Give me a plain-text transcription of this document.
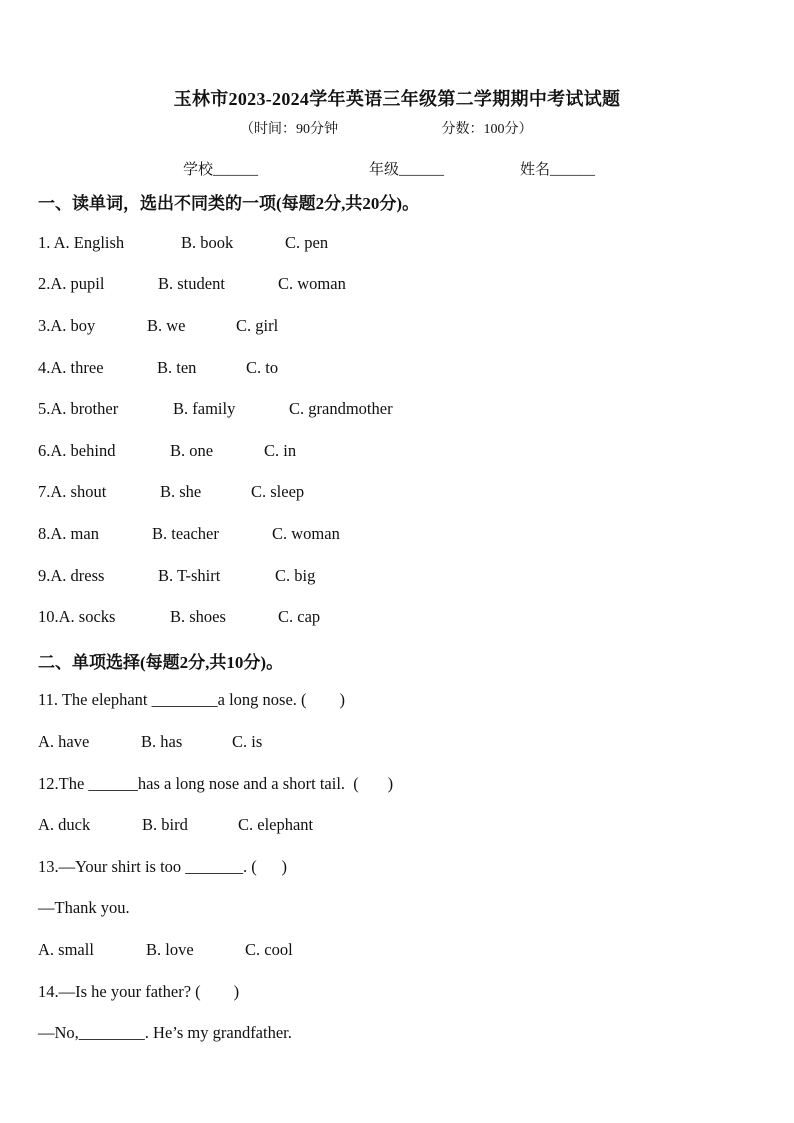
玉林市2023-2024学年英语三年级第二学期期中考试试题
（时间：90分钟	分数：100分）
学校______	年级______	姓名______
一、读单词，选出不同类的一项(每题2分,共20分)。
1. A. English	B. book	C. pen
2.A. pupil	B. student	C. woman
3.A. boy	B. we	C. girl
4.A. three	B. ten	C. to
5.A. brother	B. family	C. grandmother
6.A. behind	B. one	C. in
7.A. shout	B. she	C. sleep
8.A. man	B. teacher	C. woman
9.A. dress	B. T-shirt	C. big
10.A. socks	B. shoes	C. cap
二、单项选择(每题2分,共10分)。
11. The elephant ________a long nose. (        )
A. have	B. has	C. is
12.The ______has a long nose and a short tail.  (       )
A. duck	B. bird	C. elephant
13.—Your shirt is too _______. (      )
—Thank you.
A. small	B. love	C. cool
14.—Is he your father? (        )
—No,________. He’s my grandfather.
